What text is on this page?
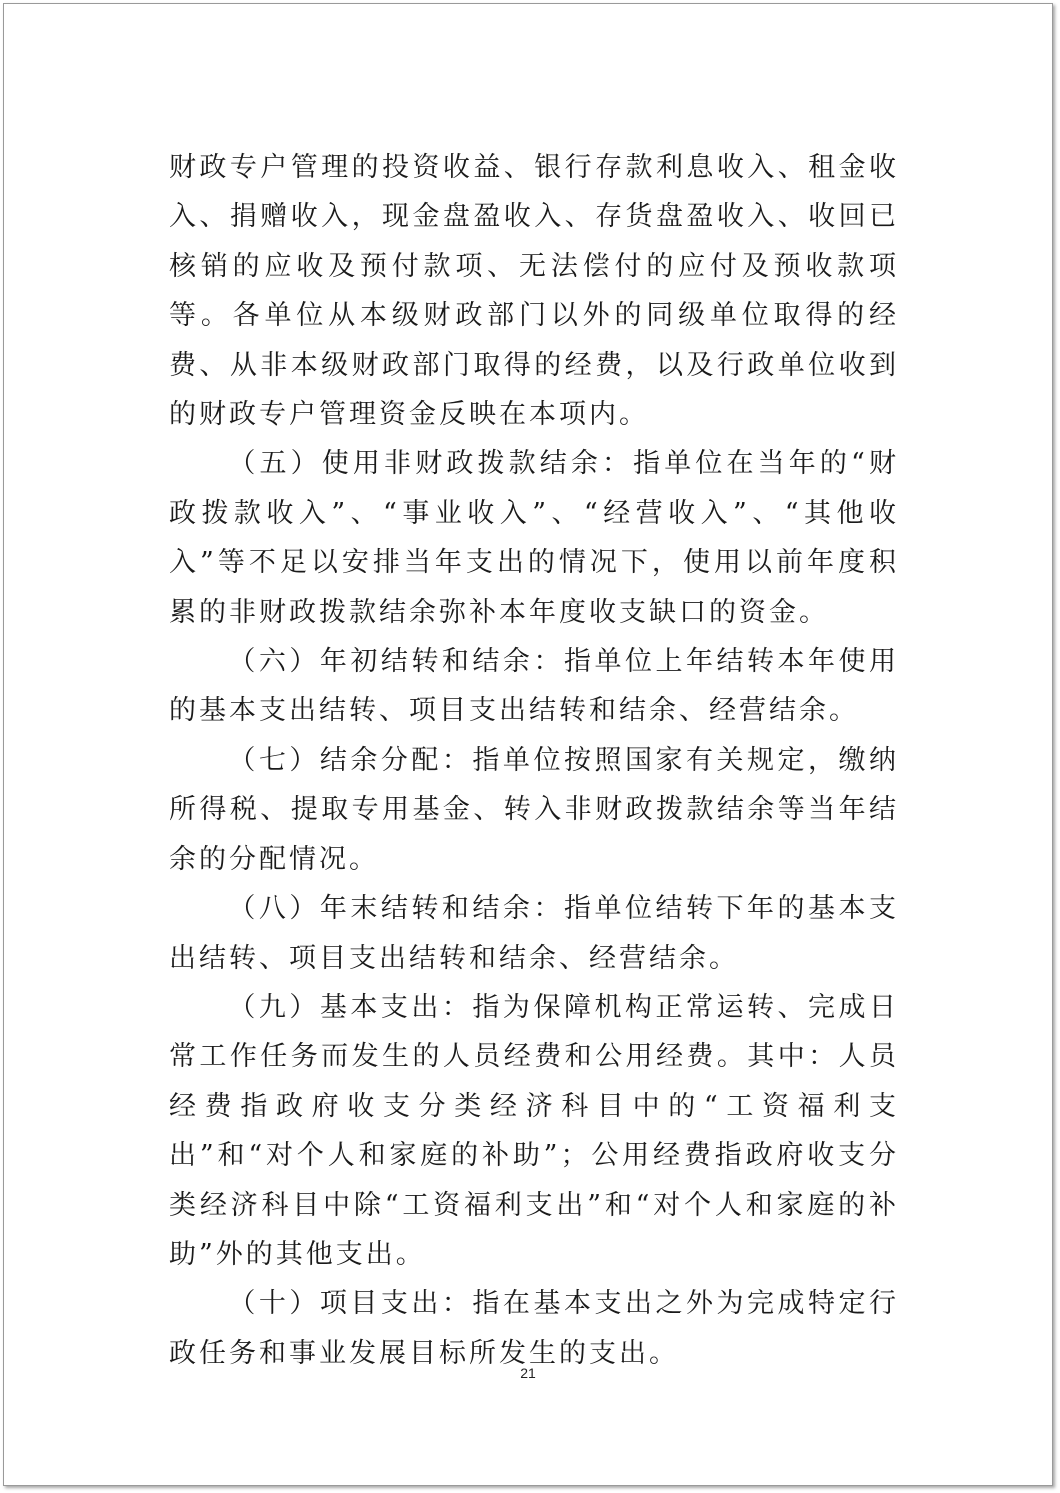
财政专户管理的投资收益、银行存款利息收入、租金收入、捐赠收入，现金盘盈收入、存货盘盈收入、收回已核销的应收及预付款项、无法偿付的应付及预收款项等。各单位从本级财政部门以外的同级单位取得的经费、从非本级财政部门取得的经费，以及行政单位收到的财政专户管理资金反映在本项内。

（五）使用非财政拨款结余：指单位在当年的“财政拨款收入”、“事业收入”、“经营收入”、“其他收入”等不足以安排当年支出的情况下，使用以前年度积累的非财政拨款结余弥补本年度收支缺口的资金。

（六）年初结转和结余：指单位上年结转本年使用的基本支出结转、项目支出结转和结余、经营结余。

（七）结余分配：指单位按照国家有关规定，缴纳所得税、提取专用基金、转入非财政拨款结余等当年结余的分配情况。

（八）年末结转和结余：指单位结转下年的基本支出结转、项目支出结转和结余、经营结余。

（九）基本支出：指为保障机构正常运转、完成日常工作任务而发生的人员经费和公用经费。其中：人员经费指政府收支分类经济科目中的“工资福利支出”和“对个人和家庭的补助”；公用经费指政府收支分类经济科目中除“工资福利支出”和“对个人和家庭的补助”外的其他支出。

（十）项目支出：指在基本支出之外为完成特定行政任务和事业发展目标所发生的支出。

21
